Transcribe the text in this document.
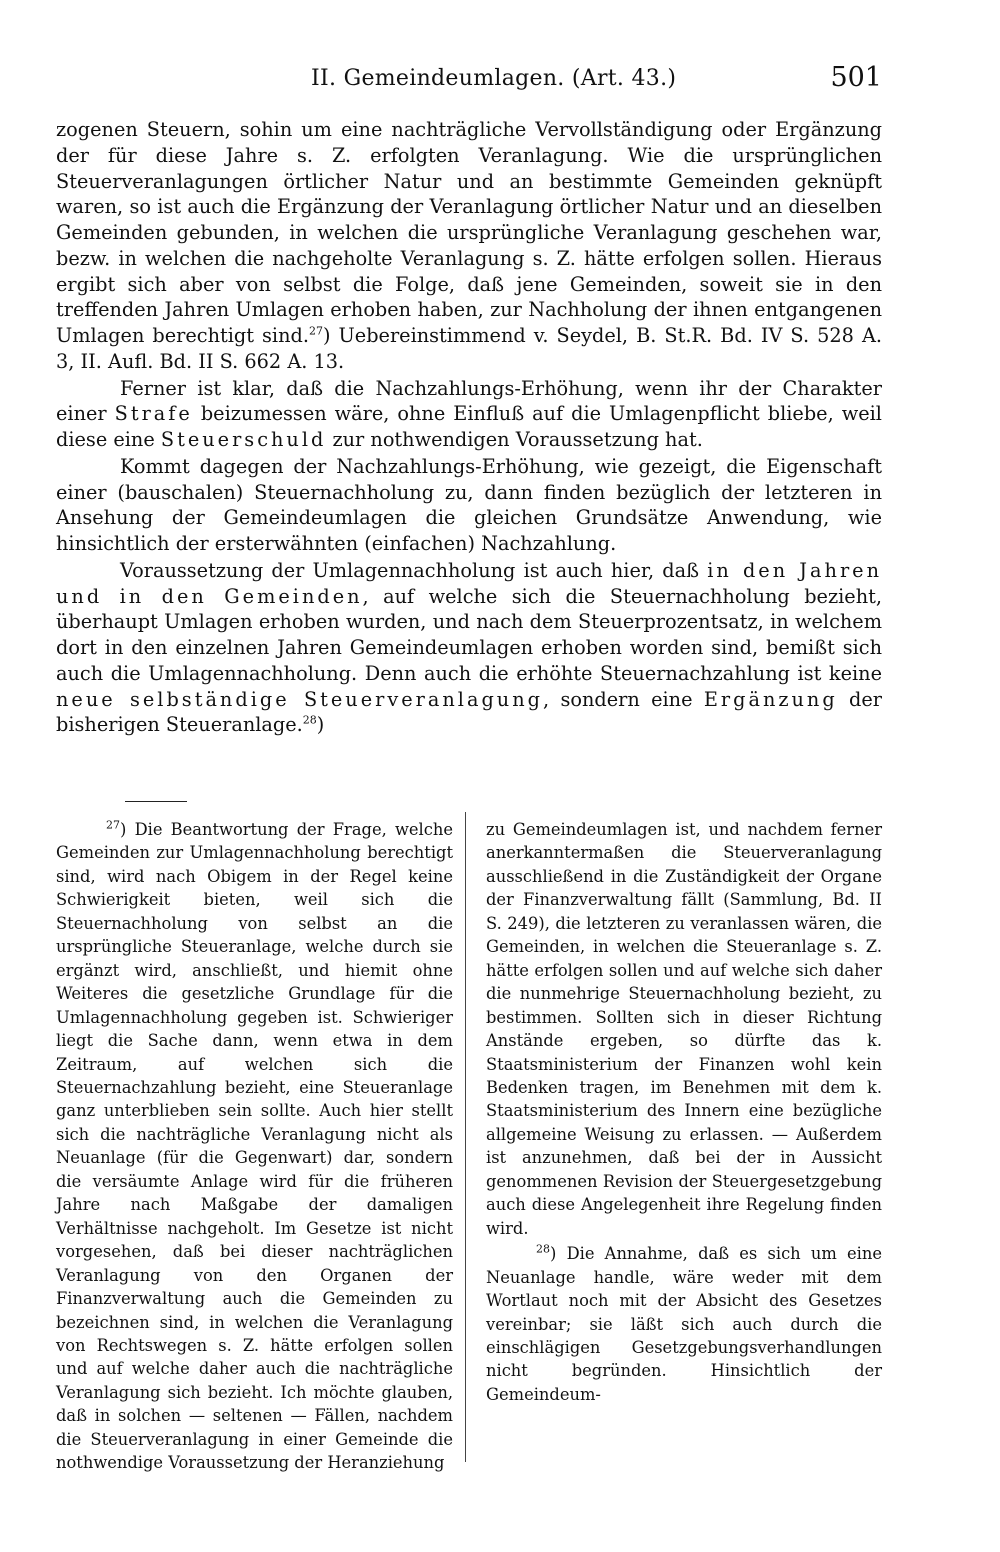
II. Gemeindeumlagen. (Art. 43.)	501

zogenen Steuern, sohin um eine nachträgliche Vervollständigung oder Ergänzung der für diese Jahre s. Z. erfolgten Veranlagung. Wie die ursprünglichen Steuerveranlagungen örtlicher Natur und an bestimmte Gemeinden geknüpft waren, so ist auch die Ergänzung der Veranlagung örtlicher Natur und an dieselben Gemeinden gebunden, in welchen die ursprüngliche Veranlagung geschehen war, bezw. in welchen die nachgeholte Veranlagung s. Z. hätte erfolgen sollen. Hieraus ergibt sich aber von selbst die Folge, daß jene Gemeinden, soweit sie in den treffenden Jahren Umlagen erhoben haben, zur Nachholung der ihnen entgangenen Umlagen berechtigt sind.$^{27}$) Uebereinstimmend v. Seydel, B. St.R. Bd. IV S. 528 A. 3, II. Aufl. Bd. II S. 662 A. 13.

Ferner ist klar, daß die Nachzahlungs-Erhöhung, wenn ihr der Charakter einer Strafe beizumessen wäre, ohne Einfluß auf die Umlagenpflicht bliebe, weil diese eine Steuerschuld zur nothwendigen Voraussetzung hat.

Kommt dagegen der Nachzahlungs-Erhöhung, wie gezeigt, die Eigenschaft einer (bauschalen) Steuernachholung zu, dann finden bezüglich der letzteren in Ansehung der Gemeindeumlagen die gleichen Grundsätze Anwendung, wie hinsichtlich der ersterwähnten (einfachen) Nachzahlung.

Voraussetzung der Umlagennachholung ist auch hier, daß in den Jahren und in den Gemeinden, auf welche sich die Steuernachholung bezieht, überhaupt Umlagen erhoben wurden, und nach dem Steuerprozentsatz, in welchem dort in den einzelnen Jahren Gemeindeumlagen erhoben worden sind, bemißt sich auch die Umlagennachholung. Denn auch die erhöhte Steuernachzahlung ist keine neue selbständige Steuerveranlagung, sondern eine Ergänzung der bisherigen Steueranlage.$^{28}$)

$^{27}$) Die Beantwortung der Frage, welche Gemeinden zur Umlagennachholung berechtigt sind, wird nach Obigem in der Regel keine Schwierigkeit bieten, weil sich die Steuernachholung von selbst an die ursprüngliche Steueranlage, welche durch sie ergänzt wird, anschließt, und hiemit ohne Weiteres die gesetzliche Grundlage für die Umlagennachholung gegeben ist. Schwieriger liegt die Sache dann, wenn etwa in dem Zeitraum, auf welchen sich die Steuernachzahlung bezieht, eine Steueranlage ganz unterblieben sein sollte. Auch hier stellt sich die nachträgliche Veranlagung nicht als Neuanlage (für die Gegenwart) dar, sondern die versäumte Anlage wird für die früheren Jahre nach Maßgabe der damaligen Verhältnisse nachgeholt. Im Gesetze ist nicht vorgesehen, daß bei dieser nachträglichen Veranlagung von den Organen der Finanzverwaltung auch die Gemeinden zu bezeichnen sind, in welchen die Veranlagung von Rechtswegen s. Z. hätte erfolgen sollen und auf welche daher auch die nachträgliche Veranlagung sich bezieht. Ich möchte glauben, daß in solchen — seltenen — Fällen, nachdem die Steuerveranlagung in einer Gemeinde die nothwendige Voraussetzung der Heranziehung

zu Gemeindeumlagen ist, und nachdem ferner anerkanntermaßen die Steuerveranlagung ausschließend in die Zuständigkeit der Organe der Finanzverwaltung fällt (Sammlung, Bd. II S. 249), die letzteren zu veranlassen wären, die Gemeinden, in welchen die Steueranlage s. Z. hätte erfolgen sollen und auf welche sich daher die nunmehrige Steuernachholung bezieht, zu bestimmen. Sollten sich in dieser Richtung Anstände ergeben, so dürfte das k. Staatsministerium der Finanzen wohl kein Bedenken tragen, im Benehmen mit dem k. Staatsministerium des Innern eine bezügliche allgemeine Weisung zu erlassen. — Außerdem ist anzunehmen, daß bei der in Aussicht genommenen Revision der Steuergesetzgebung auch diese Angelegenheit ihre Regelung finden wird.

$^{28}$) Die Annahme, daß es sich um eine Neuanlage handle, wäre weder mit dem Wortlaut noch mit der Absicht des Gesetzes vereinbar; sie läßt sich auch durch die einschlägigen Gesetzgebungsverhandlungen nicht begründen. Hinsichtlich der Gemeindeum-
